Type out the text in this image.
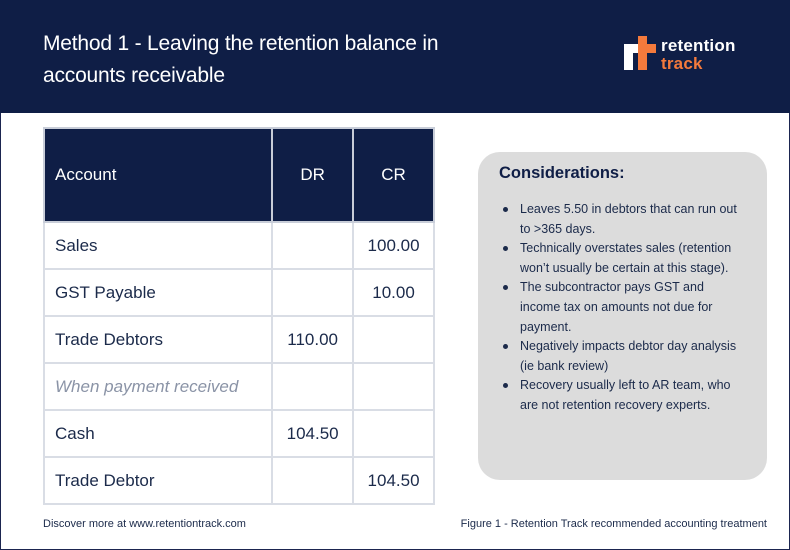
Method 1 - Leaving the retention balance in accounts receivable
retention
track
Account	DR	CR
Sales		100.00
GST Payable		10.00
Trade Debtors	110.00	
When payment received		
Cash	104.50	
Trade Debtor		104.50
Considerations:
Leaves 5.50 in debtors that can run out to >365 days.
Technically overstates sales (retention won’t usually be certain at this stage).
The subcontractor pays GST and income tax on amounts not due for payment.
Negatively impacts debtor day analysis (ie bank review)
Recovery usually left to AR team, who are not retention recovery experts.
Discover more at www.retentiontrack.com	Figure 1 - Retention Track recommended accounting treatment
